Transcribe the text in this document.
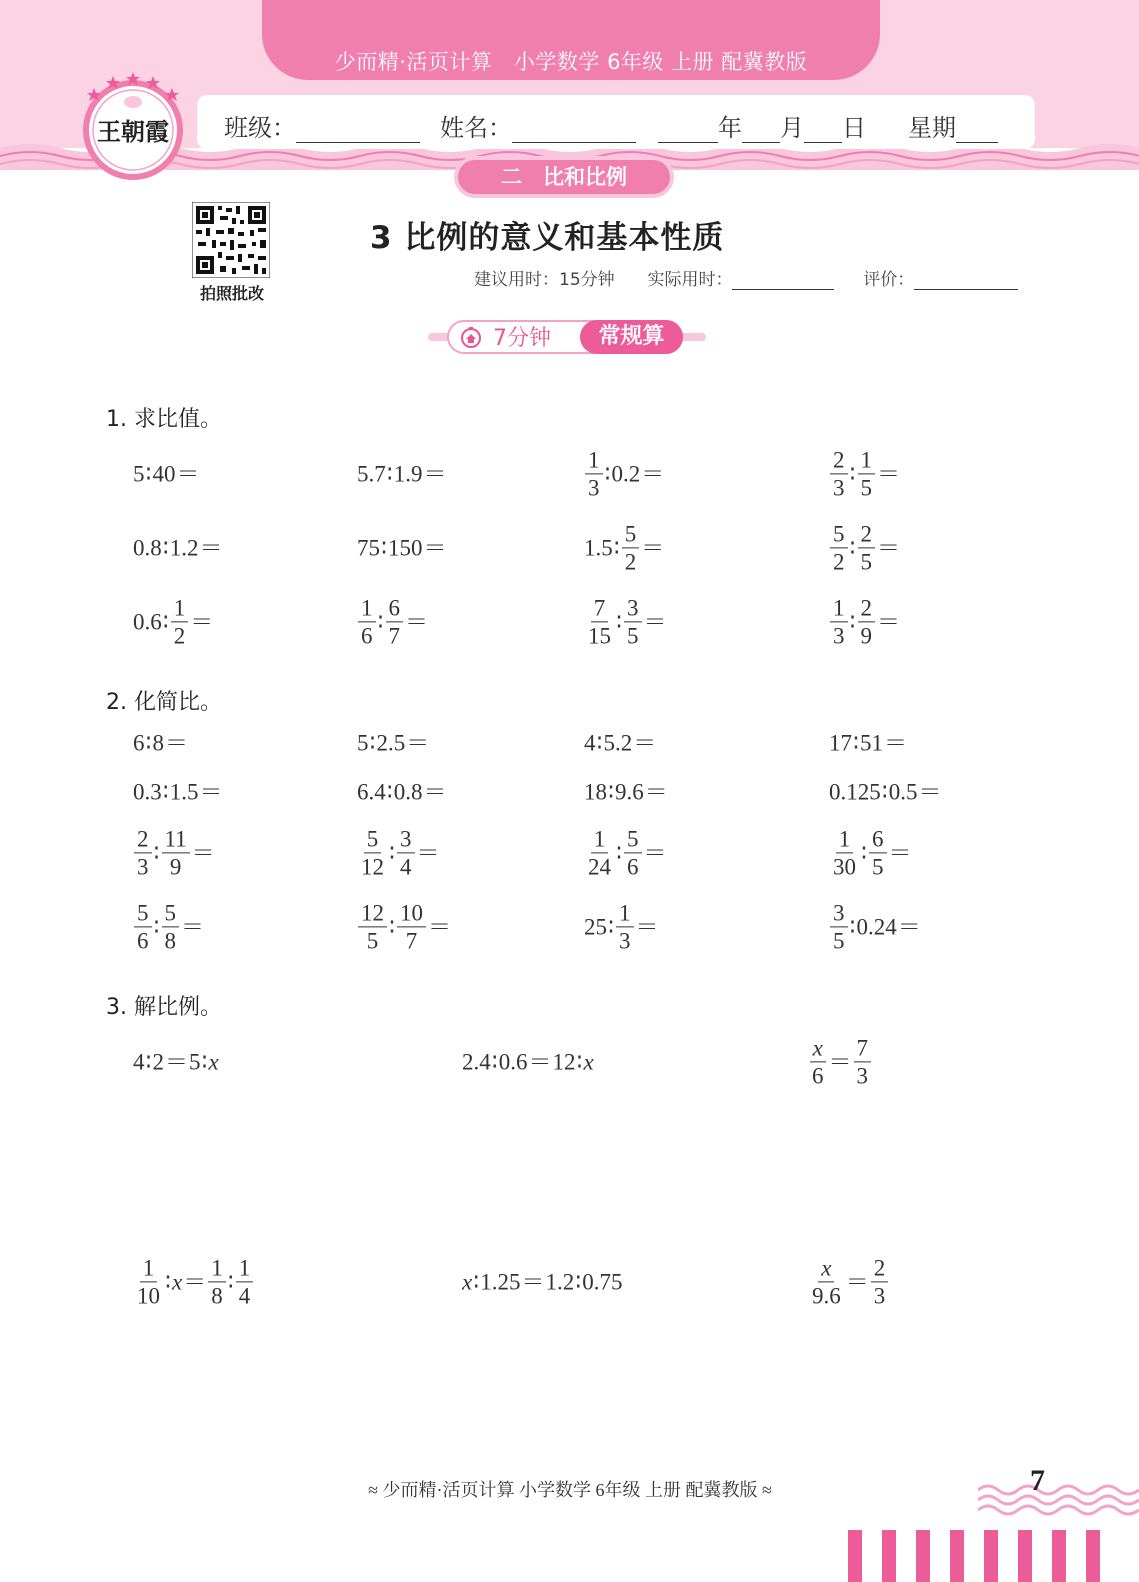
少而精·活页计算　小学数学 6年级 上册 配冀教版
班级：	姓名：	年 月 日 星期
王朝霞
二　比和比例
拍照批改
3 比例的意义和基本性质
建议用时：15分钟 实际用时：	评价：
7分钟	常规算
1. 求比值。
5 ∶ 40 ＝	5.7 ∶ 1.9 ＝	$\frac{1}{3}$ ∶ 0.2 ＝	$\frac{2}{3}$ ∶ $\frac{1}{5}$ ＝
0.8 ∶ 1.2 ＝	75 ∶ 150 ＝	1.5 ∶ $\frac{5}{2}$ ＝	$\frac{5}{2}$ ∶ $\frac{2}{5}$ ＝
0.6 ∶ $\frac{1}{2}$ ＝	$\frac{1}{6}$ ∶ $\frac{6}{7}$ ＝	$\frac{7}{15}$ ∶ $\frac{3}{5}$ ＝	$\frac{1}{3}$ ∶ $\frac{2}{9}$ ＝
2. 化简比。
6 ∶ 8 ＝	5 ∶ 2.5 ＝	4 ∶ 5.2 ＝	17 ∶ 51 ＝
0.3 ∶ 1.5 ＝	6.4 ∶ 0.8 ＝	18 ∶ 9.6 ＝	0.125 ∶ 0.5 ＝
$\frac{2}{3}$ ∶ $\frac{11}{9}$ ＝	$\frac{5}{12}$ ∶ $\frac{3}{4}$ ＝	$\frac{1}{24}$ ∶ $\frac{5}{6}$ ＝	$\frac{1}{30}$ ∶ $\frac{6}{5}$ ＝
$\frac{5}{6}$ ∶ $\frac{5}{8}$ ＝	$\frac{12}{5}$ ∶ $\frac{10}{7}$ ＝	25 ∶ $\frac{1}{3}$ ＝	$\frac{3}{5}$ ∶ 0.24 ＝
3. 解比例。
4 ∶ 2 ＝ 5 ∶ x	2.4 ∶ 0.6 ＝ 12 ∶ x	$\frac{x}{6} = \frac{7}{3}$
$\frac{1}{10}$ ∶ $x = \frac{1}{8}$ ∶ $\frac{1}{4}$	x ∶ 1.25 ＝ 1.2 ∶ 0.75	$\frac{x}{9.6} = \frac{2}{3}$
≈ 少而精·活页计算 小学数学 6年级 上册 配冀教版 ≈	7
